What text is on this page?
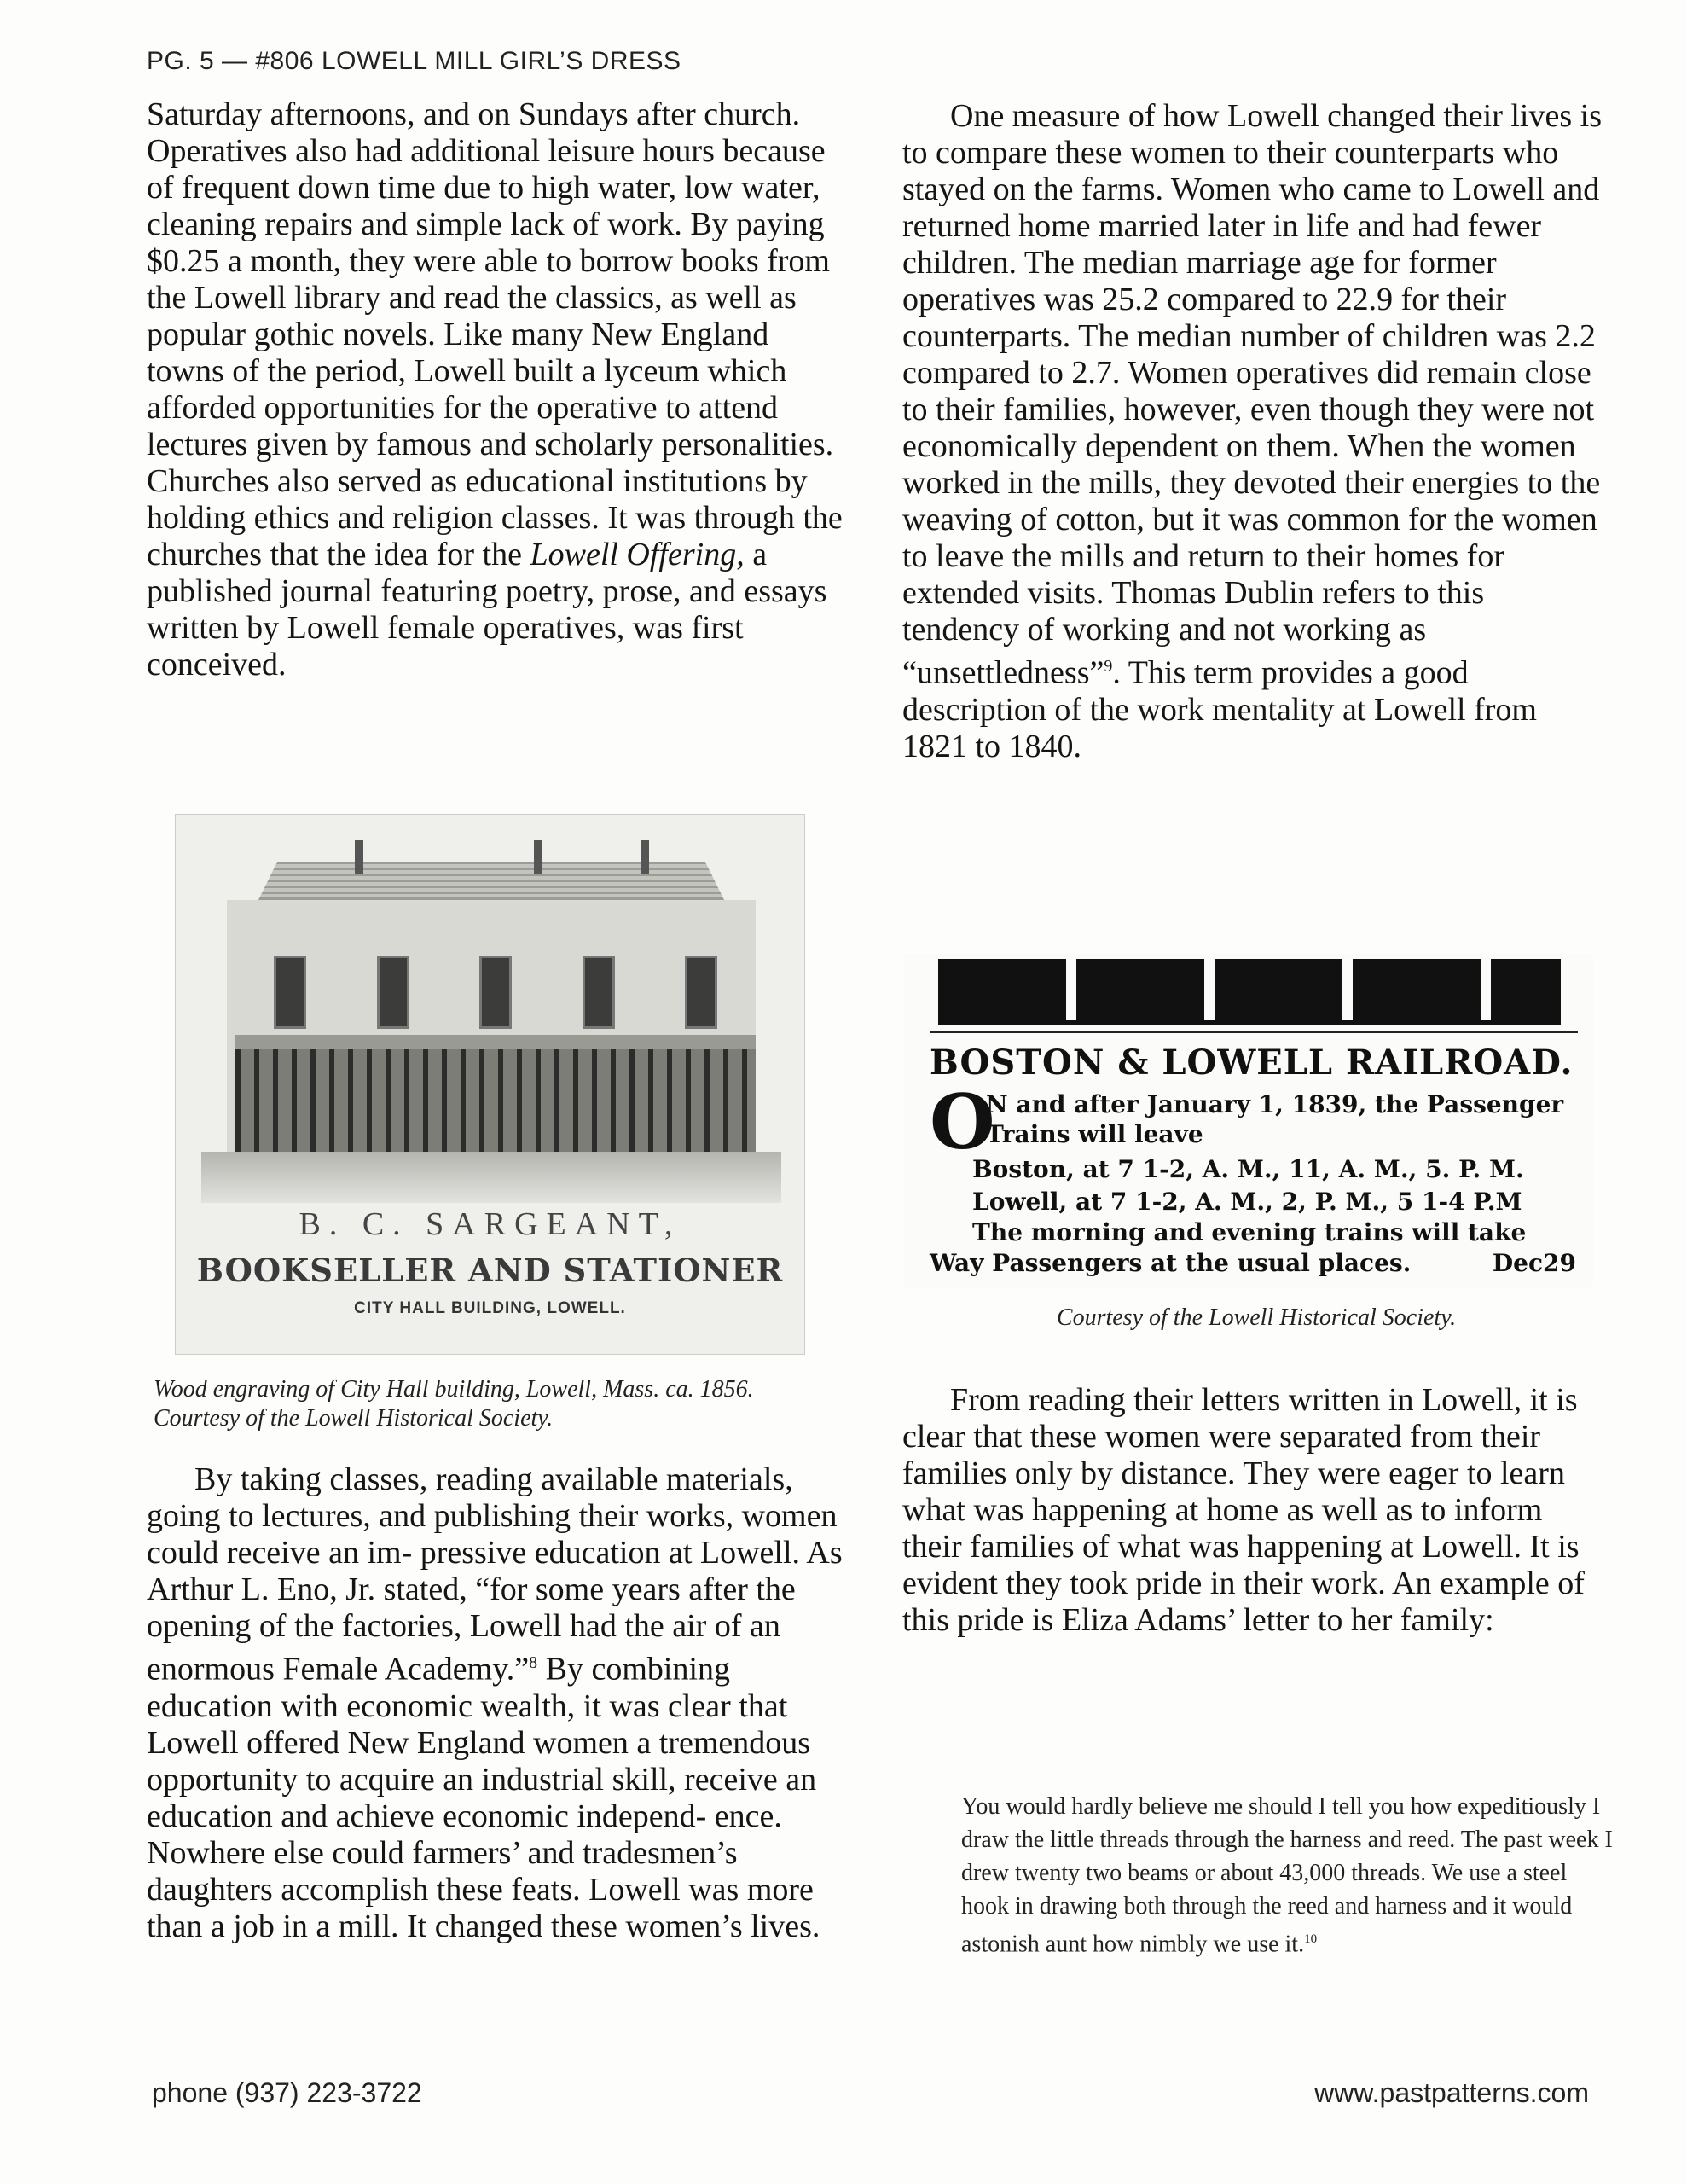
PG. 5 — #806 LOWELL MILL GIRL’S DRESS

Saturday afternoons, and on Sundays after church. Operatives also had additional leisure hours because of frequent down time due to high water, low water, cleaning repairs and simple lack of work. By paying $0.25 a month, they were able to borrow books from the Lowell library and read the classics, as well as popular gothic novels. Like many New England towns of the period, Lowell built a lyceum which afforded opportunities for the operative to attend lectures given by famous and scholarly personalities. Churches also served as educational institutions by holding ethics and religion classes. It was through the churches that the idea for the Lowell Offering, a published journal featuring poetry, prose, and essays written by Lowell female operatives, was first conceived.

B. C. SARGEANT,
BOOKSELLER AND STATIONER
CITY HALL BUILDING, LOWELL.
Wood engraving of City Hall building, Lowell, Mass. ca. 1856. Courtesy of the Lowell Historical Society.

By taking classes, reading available materials, going to lectures, and publishing their works, women could receive an im- pressive education at Lowell. As Arthur L. Eno, Jr. stated, “for some years after the opening of the factories, Lowell had the air of an enormous Female Academy.”$^8$ By combining education with economic wealth, it was clear that Lowell offered New England women a tremendous opportunity to acquire an industrial skill, receive an education and achieve economic independ- ence. Nowhere else could farmers’ and tradesmen’s daughters accomplish these feats. Lowell was more than a job in a mill. It changed these women’s lives.

One measure of how Lowell changed their lives is to compare these women to their counterparts who stayed on the farms. Women who came to Lowell and returned home married later in life and had fewer children. The median marriage age for former operatives was 25.2 compared to 22.9 for their counterparts. The median number of children was 2.2 compared to 2.7. Women operatives did remain close to their families, however, even though they were not economically dependent on them. When the women worked in the mills, they devoted their energies to the weaving of cotton, but it was common for the women to leave the mills and return to their homes for extended visits. Thomas Dublin refers to this tendency of working and not working as “unsettledness”$^9$. This term provides a good description of the work mentality at Lowell from 1821 to 1840.

BOSTON & LOWELL RAILROAD.
O
N and after January 1, 1839, the Passenger
Trains will leave
Boston, at 7 1-2, A. M., 11, A. M., 5. P. M.
Lowell, at 7 1-2, A. M., 2, P. M., 5 1-4 P.M
The morning and evening trains will take
Way Passengers at the usual places.	Dec29
Courtesy of the Lowell Historical Society.

From reading their letters written in Lowell, it is clear that these women were separated from their families only by distance. They were eager to learn what was happening at home as well as to inform their families of what was happening at Lowell. It is evident they took pride in their work. An example of this pride is Eliza Adams’ letter to her family:

You would hardly believe me should I tell you how expeditiously I draw the little threads through the harness and reed. The past week I drew twenty two beams or about 43,000 threads. We use a steel hook in drawing both through the reed and harness and it would astonish aunt how nimbly we use it.$^{10}$
phone (937) 223-3722	www.pastpatterns.com
